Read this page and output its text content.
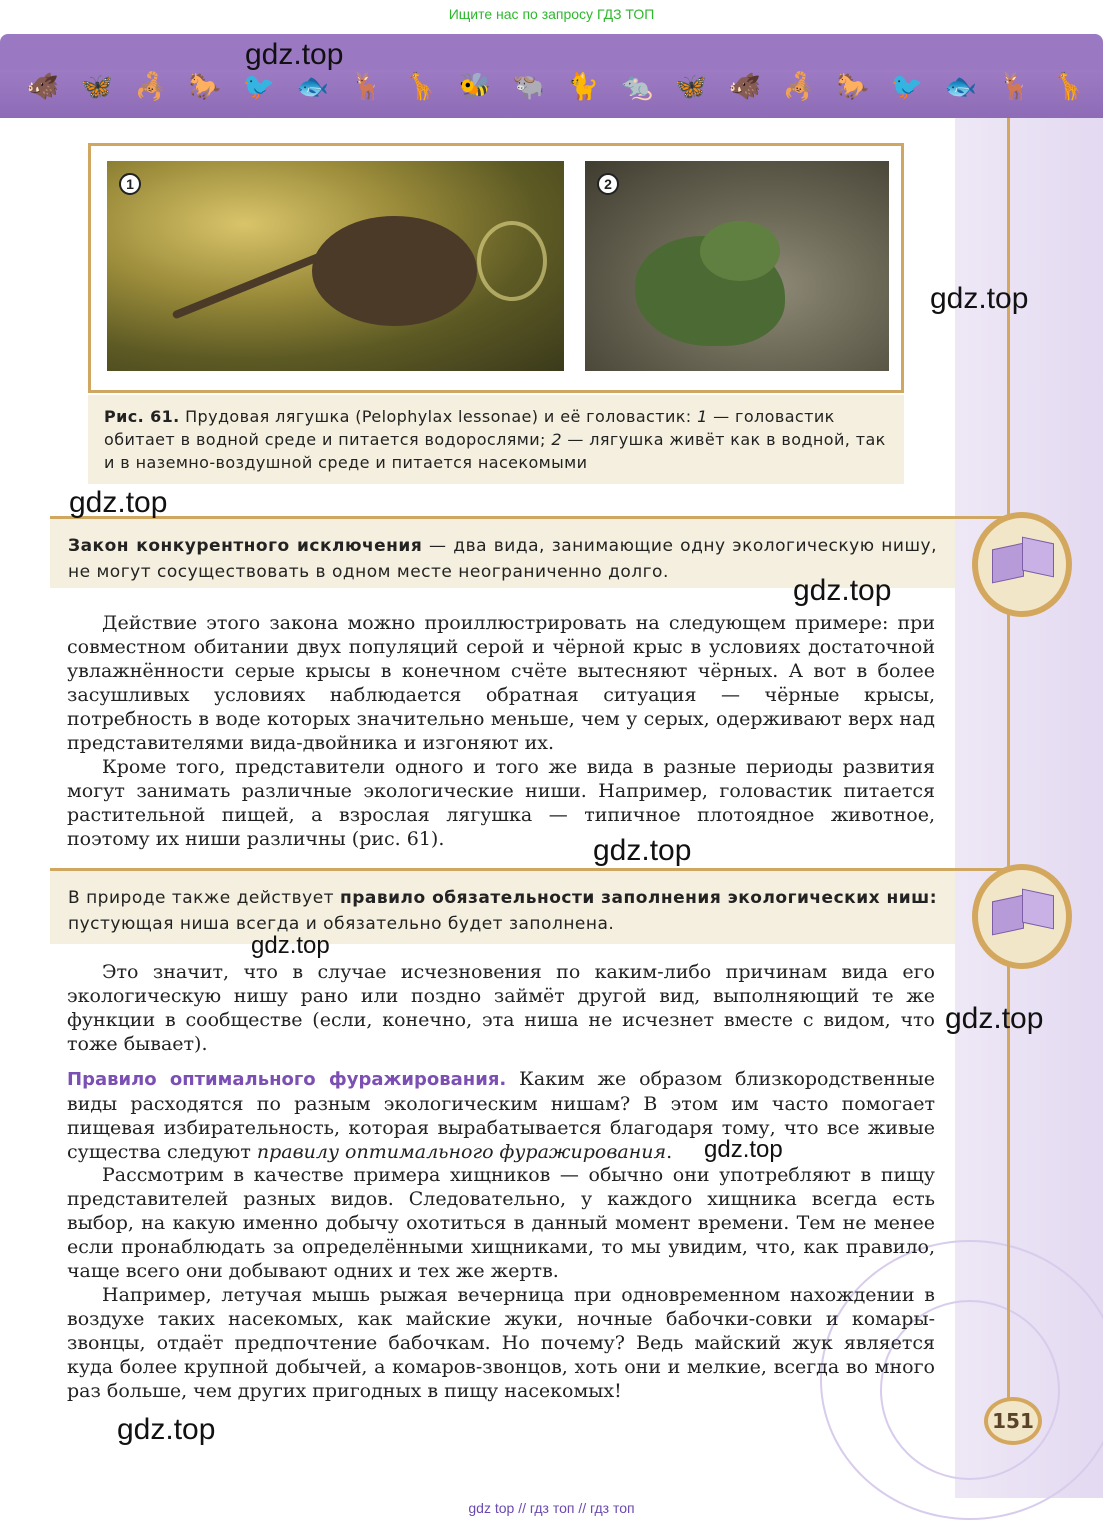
Ищите нас по запросу ГДЗ ТОП
🐗 🦋 🦂 🐎 🐦 🐟 🦌 🦒 🐝 🐃 🐈 🐀 🦋 🐗 🦂 🐎 🐦 🐟 🦌 🦒
1	2
Рис. 61. Прудовая лягушка (Pelophylax lessonae) и её головастик: 1 — головастик обитает в водной среде и питается водорослями; 2 — лягушка живёт как в водной, так и в наземно-воздушной среде и питается насекомыми
Закон конкурентного исключения — два вида, занимающие одну экологическую нишу, не могут сосуществовать в одном месте неограниченно долго.
Действие этого закона можно проиллюстрировать на следующем примере: при совместном обитании двух популяций серой и чёрной крыс в условиях достаточной увлажнённости серые крысы в конечном счёте вытесняют чёрных. А вот в более засушливых условиях наблюдается обратная ситуация — чёрные крысы, потребность в воде которых значительно меньше, чем у серых, одерживают верх над представителями вида-двойника и изгоняют их.
Кроме того, представители одного и того же вида в разные периоды развития могут занимать различные экологические ниши. Например, головастик питается растительной пищей, а взрослая лягушка — типичное плотоядное животное, поэтому их ниши различны (рис. 61).
В природе также действует правило обязательности заполнения экологических ниш: пустующая ниша всегда и обязательно будет заполнена.
Это значит, что в случае исчезновения по каким-либо причинам вида его экологическую нишу рано или поздно займёт другой вид, выполняющий те же функции в сообществе (если, конечно, эта ниша не исчезнет вместе с видом, что тоже бывает).
Правило оптимального фуражирования. Каким же образом близкородственные виды расходятся по разным экологическим нишам? В этом им часто помогает пищевая избирательность, которая вырабатывается благодаря тому, что все живые существа следуют правилу оптимального фуражирования.
Рассмотрим в качестве примера хищников — обычно они употребляют в пищу представителей разных видов. Следовательно, у каждого хищника всегда есть выбор, на какую именно добычу охотиться в данный момент времени. Тем не менее если пронаблюдать за определёнными хищниками, то мы увидим, что, как правило, чаще всего они добывают одних и тех же жертв.
Например, летучая мышь рыжая вечерница при одновременном нахождении в воздухе таких насекомых, как майские жуки, ночные бабочки-совки и комары-звонцы, отдаёт предпочтение бабочкам. Но почему? Ведь майский жук является куда более крупной добычей, а комаров-звонцов, хоть они и мелкие, всегда во много раз больше, чем других пригодных в пищу насекомых!
151
gdz.top
gdz.top
gdz.top
gdz.top
gdz.top
gdz.top
gdz.top
gdz.top
gdz.top
gdz top // гдз топ // гдз топ
